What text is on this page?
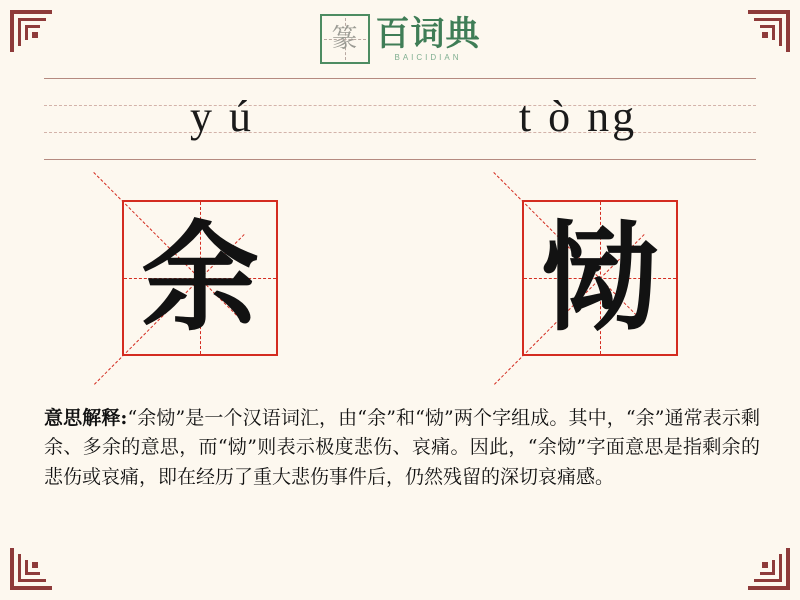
篆 百词典
BAICIDIAN
y ú	t ò ng
余 恸
意思解释:“余恸”是一个汉语词汇，由“余”和“恸”两个字组成。其中，“余”通常表示剩余、多余的意思，而“恸”则表示极度悲伤、哀痛。因此，“余恸”字面意思是指剩余的悲伤或哀痛，即在经历了重大悲伤事件后，仍然残留的深切哀痛感。
